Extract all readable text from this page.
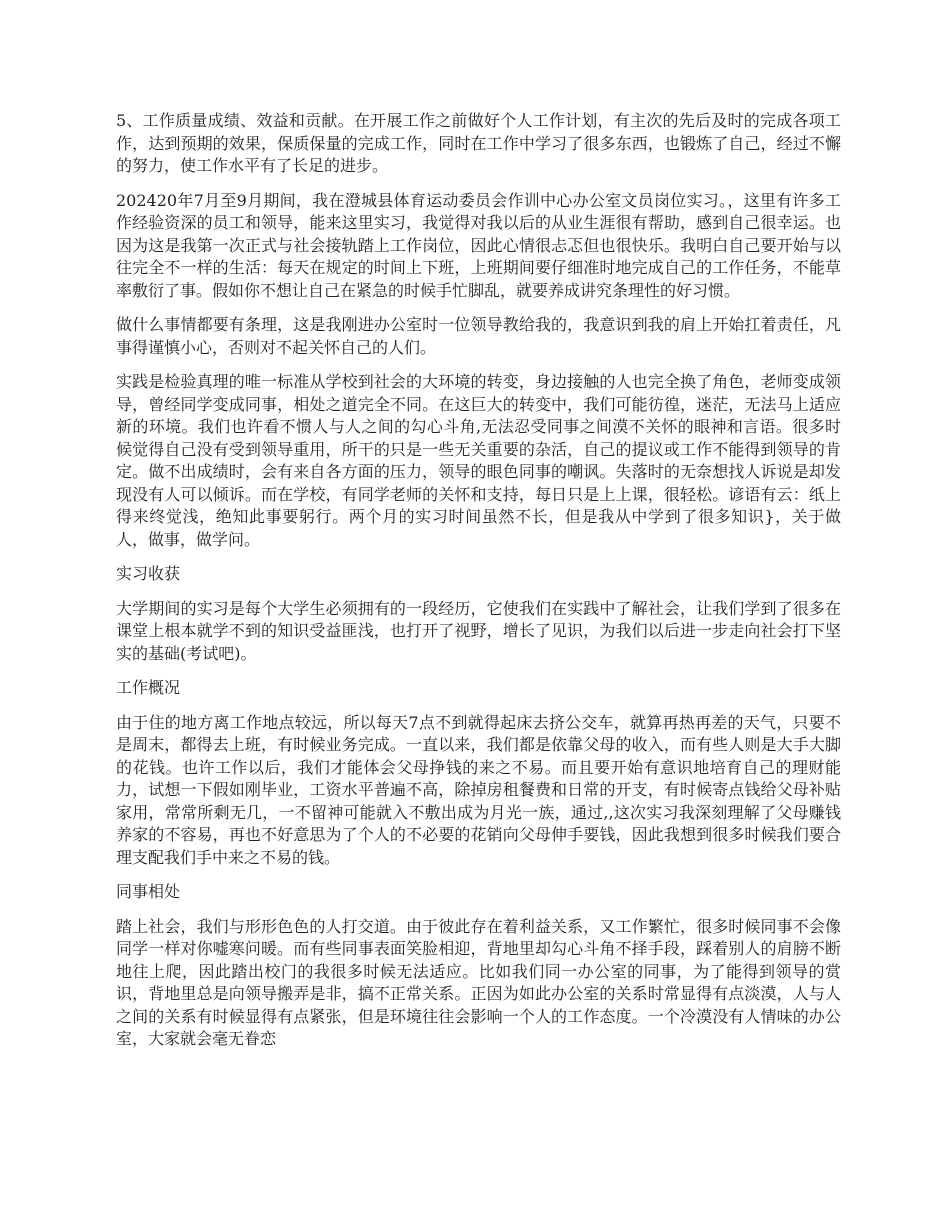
5、工作质量成绩、效益和贡献。在开展工作之前做好个人工作计划，有主次的先后及时的完成各项工作，达到预期的效果，保质保量的完成工作，同时在工作中学习了很多东西，也锻炼了自己，经过不懈的努力，使工作水平有了长足的进步。

202420年7月至9月期间，我在澄城县体育运动委员会作训中心办公室文员岗位实习。，这里有许多工作经验资深的员工和领导，能来这里实习，我觉得对我以后的从业生涯很有帮助，感到自己很幸运。也因为这是我第一次正式与社会接轨踏上工作岗位，因此心情很忐忑但也很快乐。我明白自己要开始与以往完全不一样的生活：每天在规定的时间上下班，上班期间要仔细准时地完成自己的工作任务，不能草率敷衍了事。假如你不想让自己在紧急的时候手忙脚乱，就要养成讲究条理性的好习惯。

做什么事情都要有条理，这是我刚进办公室时一位领导教给我的，我意识到我的肩上开始扛着责任，凡事得谨慎小心，否则对不起关怀自己的人们。

实践是检验真理的唯一标准从学校到社会的大环境的转变，身边接触的人也完全换了角色，老师变成领导，曾经同学变成同事，相处之道完全不同。在这巨大的转变中，我们可能彷徨，迷茫，无法马上适应新的环境。我们也许看不惯人与人之间的勾心斗角,无法忍受同事之间漠不关怀的眼神和言语。很多时候觉得自己没有受到领导重用，所干的只是一些无关重要的杂活，自己的提议或工作不能得到领导的肯定。做不出成绩时，会有来自各方面的压力，领导的眼色同事的嘲讽。失落时的无奈想找人诉说是却发现没有人可以倾诉。而在学校，有同学老师的关怀和支持，每日只是上上课，很轻松。谚语有云：纸上得来终觉浅，绝知此事要躬行。两个月的实习时间虽然不长，但是我从中学到了很多知识}，关于做人，做事，做学问。

实习收获

大学期间的实习是每个大学生必须拥有的一段经历，它使我们在实践中了解社会，让我们学到了很多在课堂上根本就学不到的知识受益匪浅，也打开了视野，增长了见识，为我们以后进一步走向社会打下坚实的基础(考试吧)。

工作概况

由于住的地方离工作地点较远，所以每天7点不到就得起床去挤公交车，就算再热再差的天气，只要不是周末，都得去上班，有时候业务完成。一直以来，我们都是依靠父母的收入，而有些人则是大手大脚的花钱。也许工作以后，我们才能体会父母挣钱的来之不易。而且要开始有意识地培育自己的理财能力，试想一下假如刚毕业，工资水平普遍不高，除掉房租餐费和日常的开支，有时候寄点钱给父母补贴家用，常常所剩无几，一不留神可能就入不敷出成为月光一族，通过,,这次实习我深刻理解了父母赚钱养家的不容易，再也不好意思为了个人的不必要的花销向父母伸手要钱，因此我想到很多时候我们要合理支配我们手中来之不易的钱。

同事相处

踏上社会，我们与形形色色的人打交道。由于彼此存在着利益关系，又工作繁忙，很多时候同事不会像同学一样对你嘘寒问暖。而有些同事表面笑脸相迎，背地里却勾心斗角不择手段，踩着别人的肩膀不断地往上爬，因此踏出校门的我很多时候无法适应。比如我们同一办公室的同事，为了能得到领导的赏识，背地里总是向领导搬弄是非，搞不正常关系。正因为如此办公室的关系时常显得有点淡漠，人与人之间的关系有时候显得有点紧张，但是环境往往会影响一个人的工作态度。一个冷漠没有人情味的办公室，大家就会毫无眷恋
